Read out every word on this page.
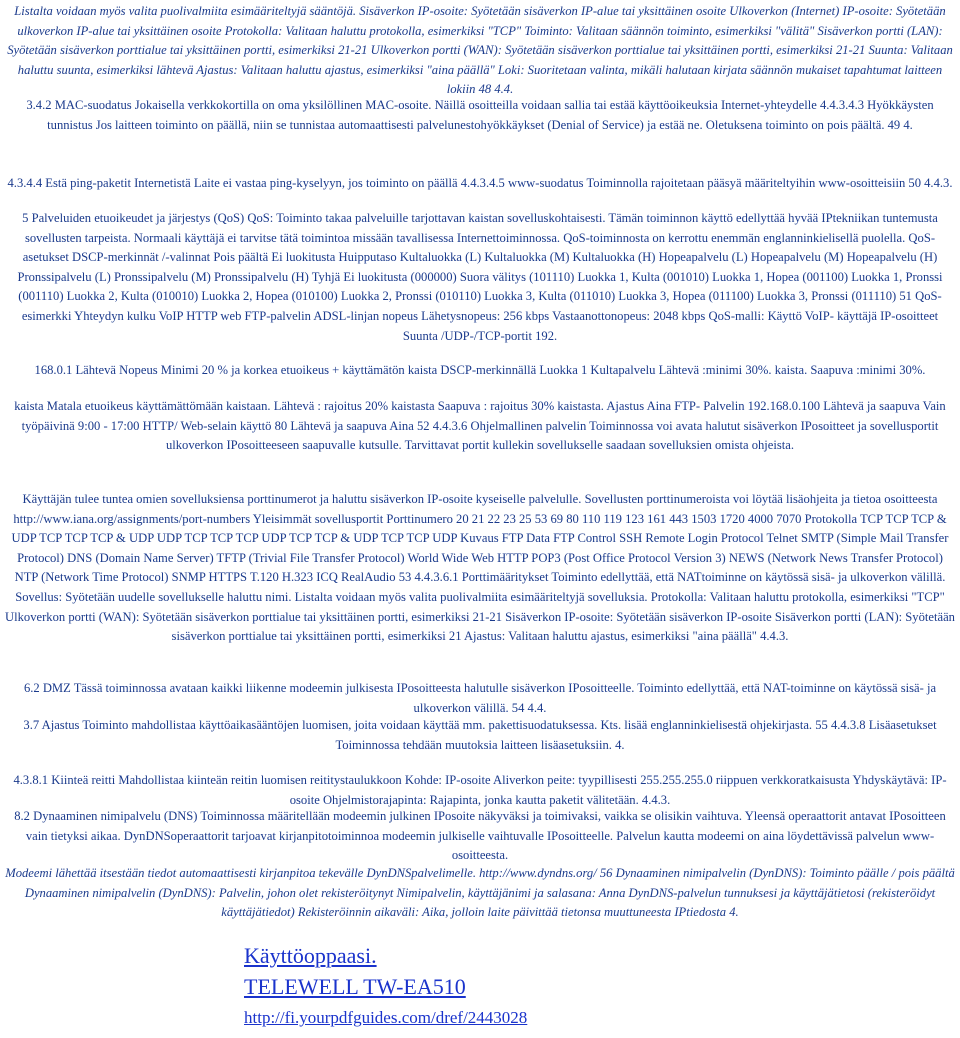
Listalta voidaan myös valita puolivalmiita esimääriteltyjä sääntöjä. Sisäverkon IP-osoite: Syötetään sisäverkon IP-alue tai yksittäinen osoite Ulkoverkon (Internet) IP-osoite: Syötetään ulkoverkon IP-alue tai yksittäinen osoite Protokolla: Valitaan haluttu protokolla, esimerkiksi "TCP" Toiminto: Valitaan säännön toiminto, esimerkiksi "välitä" Sisäverkon portti (LAN): Syötetään sisäverkon porttialue tai yksittäinen portti, esimerkiksi 21-21 Ulkoverkon portti (WAN): Syötetään sisäverkon porttialue tai yksittäinen portti, esimerkiksi 21-21 Suunta: Valitaan haluttu suunta, esimerkiksi lähtevä Ajastus: Valitaan haluttu ajastus, esimerkiksi "aina päällä" Loki: Suoritetaan valinta, mikäli halutaan kirjata säännön mukaiset tapahtumat laitteen lokiin 48 4.4.

3.4.2 MAC-suodatus Jokaisella verkkokortilla on oma yksilöllinen MAC-osoite. Näillä osoitteilla voidaan sallia tai estää käyttöoikeuksia Internet-yhteydelle 4.4.3.4.3 Hyökkäysten tunnistus Jos laitteen toiminto on päällä, niin se tunnistaa automaattisesti palvelunestohyökkäykset (Denial of Service) ja estää ne. Oletuksena toiminto on pois päältä. 49 4.

4.3.4.4 Estä ping-paketit Internetistä Laite ei vastaa ping-kyselyyn, jos toiminto on päällä 4.4.3.4.5 www-suodatus Toiminnolla rajoitetaan pääsyä määriteltyihin www-osoitteisiin 50 4.4.3.

5 Palveluiden etuoikeudet ja järjestys (QoS) QoS: Toiminto takaa palveluille tarjottavan kaistan sovelluskohtaisesti. Tämän toiminnon käyttö edellyttää hyvää IPtekniikan tuntemusta sovellusten tarpeista. Normaali käyttäjä ei tarvitse tätä toimintoa missään tavallisessa Internettoiminnossa. QoS-toiminnosta on kerrottu enemmän englanninkielisellä puolella. QoS-asetukset DSCP-merkinnät /-valinnat Pois päältä Ei luokitusta Huipputaso Kultaluokka (L) Kultaluokka (M) Kultaluokka (H) Hopeapalvelu (L) Hopeapalvelu (M) Hopeapalvelu (H) Pronssipalvelu (L) Pronssipalvelu (M) Pronssipalvelu (H) Tyhjä Ei luokitusta (000000) Suora välitys (101110) Luokka 1, Kulta (001010) Luokka 1, Hopea (001100) Luokka 1, Pronssi (001110) Luokka 2, Kulta (010010) Luokka 2, Hopea (010100) Luokka 2, Pronssi (010110) Luokka 3, Kulta (011010) Luokka 3, Hopea (011100) Luokka 3, Pronssi (011110) 51 QoS-esimerkki Yhteydyn kulku VoIP HTTP web FTP-palvelin ADSL-linjan nopeus Lähetysnopeus: 256 kbps Vastaanottonopeus: 2048 kbps QoS-malli: Käyttö VoIP- käyttäjä IP-osoitteet Suunta /UDP-/TCP-portit 192.

168.0.1 Lähtevä Nopeus Minimi 20 % ja korkea etuoikeus + käyttämätön kaista DSCP-merkinnällä Luokka 1 Kultapalvelu Lähtevä :minimi 30%. kaista. Saapuva :minimi 30%.

kaista Matala etuoikeus käyttämättömään kaistaan. Lähtevä : rajoitus 20% kaistasta Saapuva : rajoitus 30% kaistasta. Ajastus Aina FTP- Palvelin 192.168.0.100 Lähtevä ja saapuva Vain työpäivinä 9:00 - 17:00 HTTP/ Web-selain käyttö 80 Lähtevä ja saapuva Aina 52 4.4.3.6 Ohjelmallinen palvelin Toiminnossa voi avata halutut sisäverkon IPosoitteet ja sovellusportit ulkoverkon IPosoitteeseen saapuvalle kutsulle. Tarvittavat portit kullekin sovellukselle saadaan sovelluksien omista ohjeista.

Käyttäjän tulee tuntea omien sovelluksiensa porttinumerot ja haluttu sisäverkon IP-osoite kyseiselle palvelulle. Sovellusten porttinumeroista voi löytää lisäohjeita ja tietoa osoitteesta http://www.iana.org/assignments/port-numbers Yleisimmät sovellusportit Porttinumero 20 21 22 23 25 53 69 80 110 119 123 161 443 1503 1720 4000 7070 Protokolla TCP TCP TCP & UDP TCP TCP TCP & UDP UDP TCP TCP TCP UDP TCP TCP & UDP TCP TCP UDP Kuvaus FTP Data FTP Control SSH Remote Login Protocol Telnet SMTP (Simple Mail Transfer Protocol) DNS (Domain Name Server) TFTP (Trivial File Transfer Protocol) World Wide Web HTTP POP3 (Post Office Protocol Version 3) NEWS (Network News Transfer Protocol) NTP (Network Time Protocol) SNMP HTTPS T.120 H.323 ICQ RealAudio 53 4.4.3.6.1 Porttimääritykset Toiminto edellyttää, että NATtoiminne on käytössä sisä- ja ulkoverkon välillä. Sovellus: Syötetään uudelle sovellukselle haluttu nimi. Listalta voidaan myös valita puolivalmiita esimääriteltyjä sovelluksia. Protokolla: Valitaan haluttu protokolla, esimerkiksi "TCP" Ulkoverkon portti (WAN): Syötetään sisäverkon porttialue tai yksittäinen portti, esimerkiksi 21-21 Sisäverkon IP-osoite: Syötetään sisäverkon IP-osoite Sisäverkon portti (LAN): Syötetään sisäverkon porttialue tai yksittäinen portti, esimerkiksi 21 Ajastus: Valitaan haluttu ajastus, esimerkiksi "aina päällä" 4.4.3.

6.2 DMZ Tässä toiminnossa avataan kaikki liikenne modeemin julkisesta IPosoitteesta halutulle sisäverkon IPosoitteelle. Toiminto edellyttää, että NAT-toiminne on käytössä sisä- ja ulkoverkon välillä. 54 4.4.

3.7 Ajastus Toiminto mahdollistaa käyttöaikasääntöjen luomisen, joita voidaan käyttää mm. pakettisuodatuksessa. Kts. lisää englanninkielisestä ohjekirjasta. 55 4.4.3.8 Lisäasetukset Toiminnossa tehdään muutoksia laitteen lisäasetuksiin. 4.

4.3.8.1 Kiinteä reitti Mahdollistaa kiinteän reitin luomisen reititystaulukkoon Kohde: IP-osoite Aliverkon peite: tyypillisesti 255.255.255.0 riippuen verkkoratkaisusta Yhdyskäytävä: IP-osoite Ohjelmistorajapinta: Rajapinta, jonka kautta paketit välitetään. 4.4.3.

8.2 Dynaaminen nimipalvelu (DNS) Toiminnossa määritellään modeemin julkinen IPosoite näkyväksi ja toimivaksi, vaikka se olisikin vaihtuva. Yleensä operaattorit antavat IPosoitteen vain tietyksi aikaa. DynDNSoperaattorit tarjoavat kirjanpitotoiminnoa modeemin julkiselle vaihtuvalle IPosoitteelle. Palvelun kautta modeemi on aina löydettävissä palvelun www-osoitteesta.

Modeemi lähettää itsestään tiedot automaattisesti kirjanpitoa tekevälle DynDNSpalvelimelle. http://www.dyndns.org/ 56 Dynaaminen nimipalvelin (DynDNS): Toiminto päälle / pois päältä Dynaaminen nimipalvelin (DynDNS): Palvelin, johon olet rekisteröitynyt Nimipalvelin, käyttäjänimi ja salasana: Anna DynDNS-palvelun tunnuksesi ja käyttäjätietosi (rekisteröidyt käyttäjätiedot) Rekisteröinnin aikaväli: Aika, jolloin laite päivittää tietonsa muuttuneesta IPtiedosta 4.

Käyttöoppaasi.
TELEWELL TW-EA510
http://fi.yourpdfguides.com/dref/2443028
